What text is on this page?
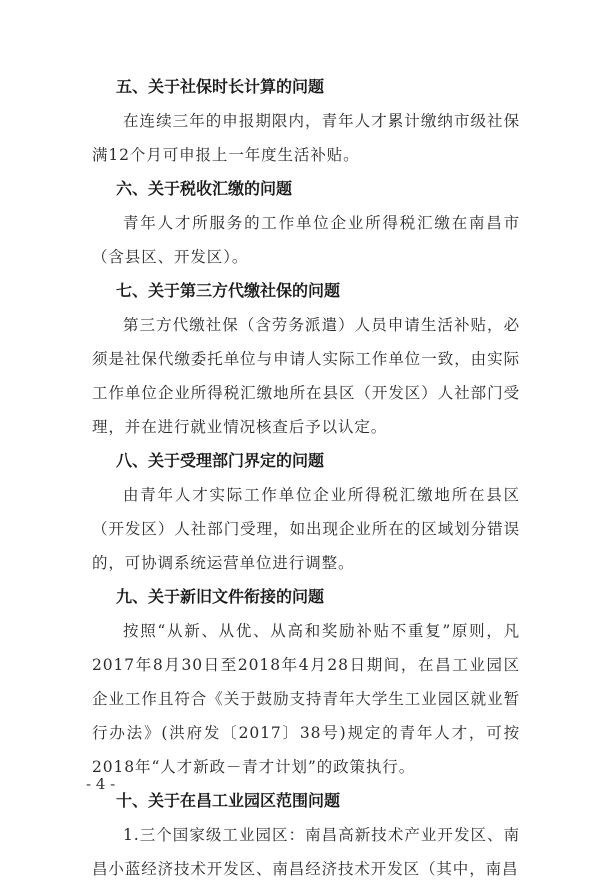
五、关于社保时长计算的问题
在连续三年的申报期限内，青年人才累计缴纳市级社保满12个月可申报上一年度生活补贴。
六、关于税收汇缴的问题
青年人才所服务的工作单位企业所得税汇缴在南昌市（含县区、开发区）。
七、关于第三方代缴社保的问题
第三方代缴社保（含劳务派遣）人员申请生活补贴，必须是社保代缴委托单位与申请人实际工作单位一致，由实际工作单位企业所得税汇缴地所在县区（开发区）人社部门受理，并在进行就业情况核查后予以认定。
八、关于受理部门界定的问题
由青年人才实际工作单位企业所得税汇缴地所在县区（开发区）人社部门受理，如出现企业所在的区域划分错误的，可协调系统运营单位进行调整。
九、关于新旧文件衔接的问题
按照“从新、从优、从高和奖励补贴不重复”原则，凡2017年8月30日至2018年4月28日期间，在昌工业园区企业工作且符合《关于鼓励支持青年大学生工业园区就业暂行办法》(洪府发〔2017〕38号)规定的青年人才，可按2018年“人才新政－青才计划”的政策执行。
十、关于在昌工业园区范围问题
1.三个国家级工业园区：南昌高新技术产业开发区、南昌小蓝经济技术开发区、南昌经济技术开发区（其中，南昌
- 4 -
